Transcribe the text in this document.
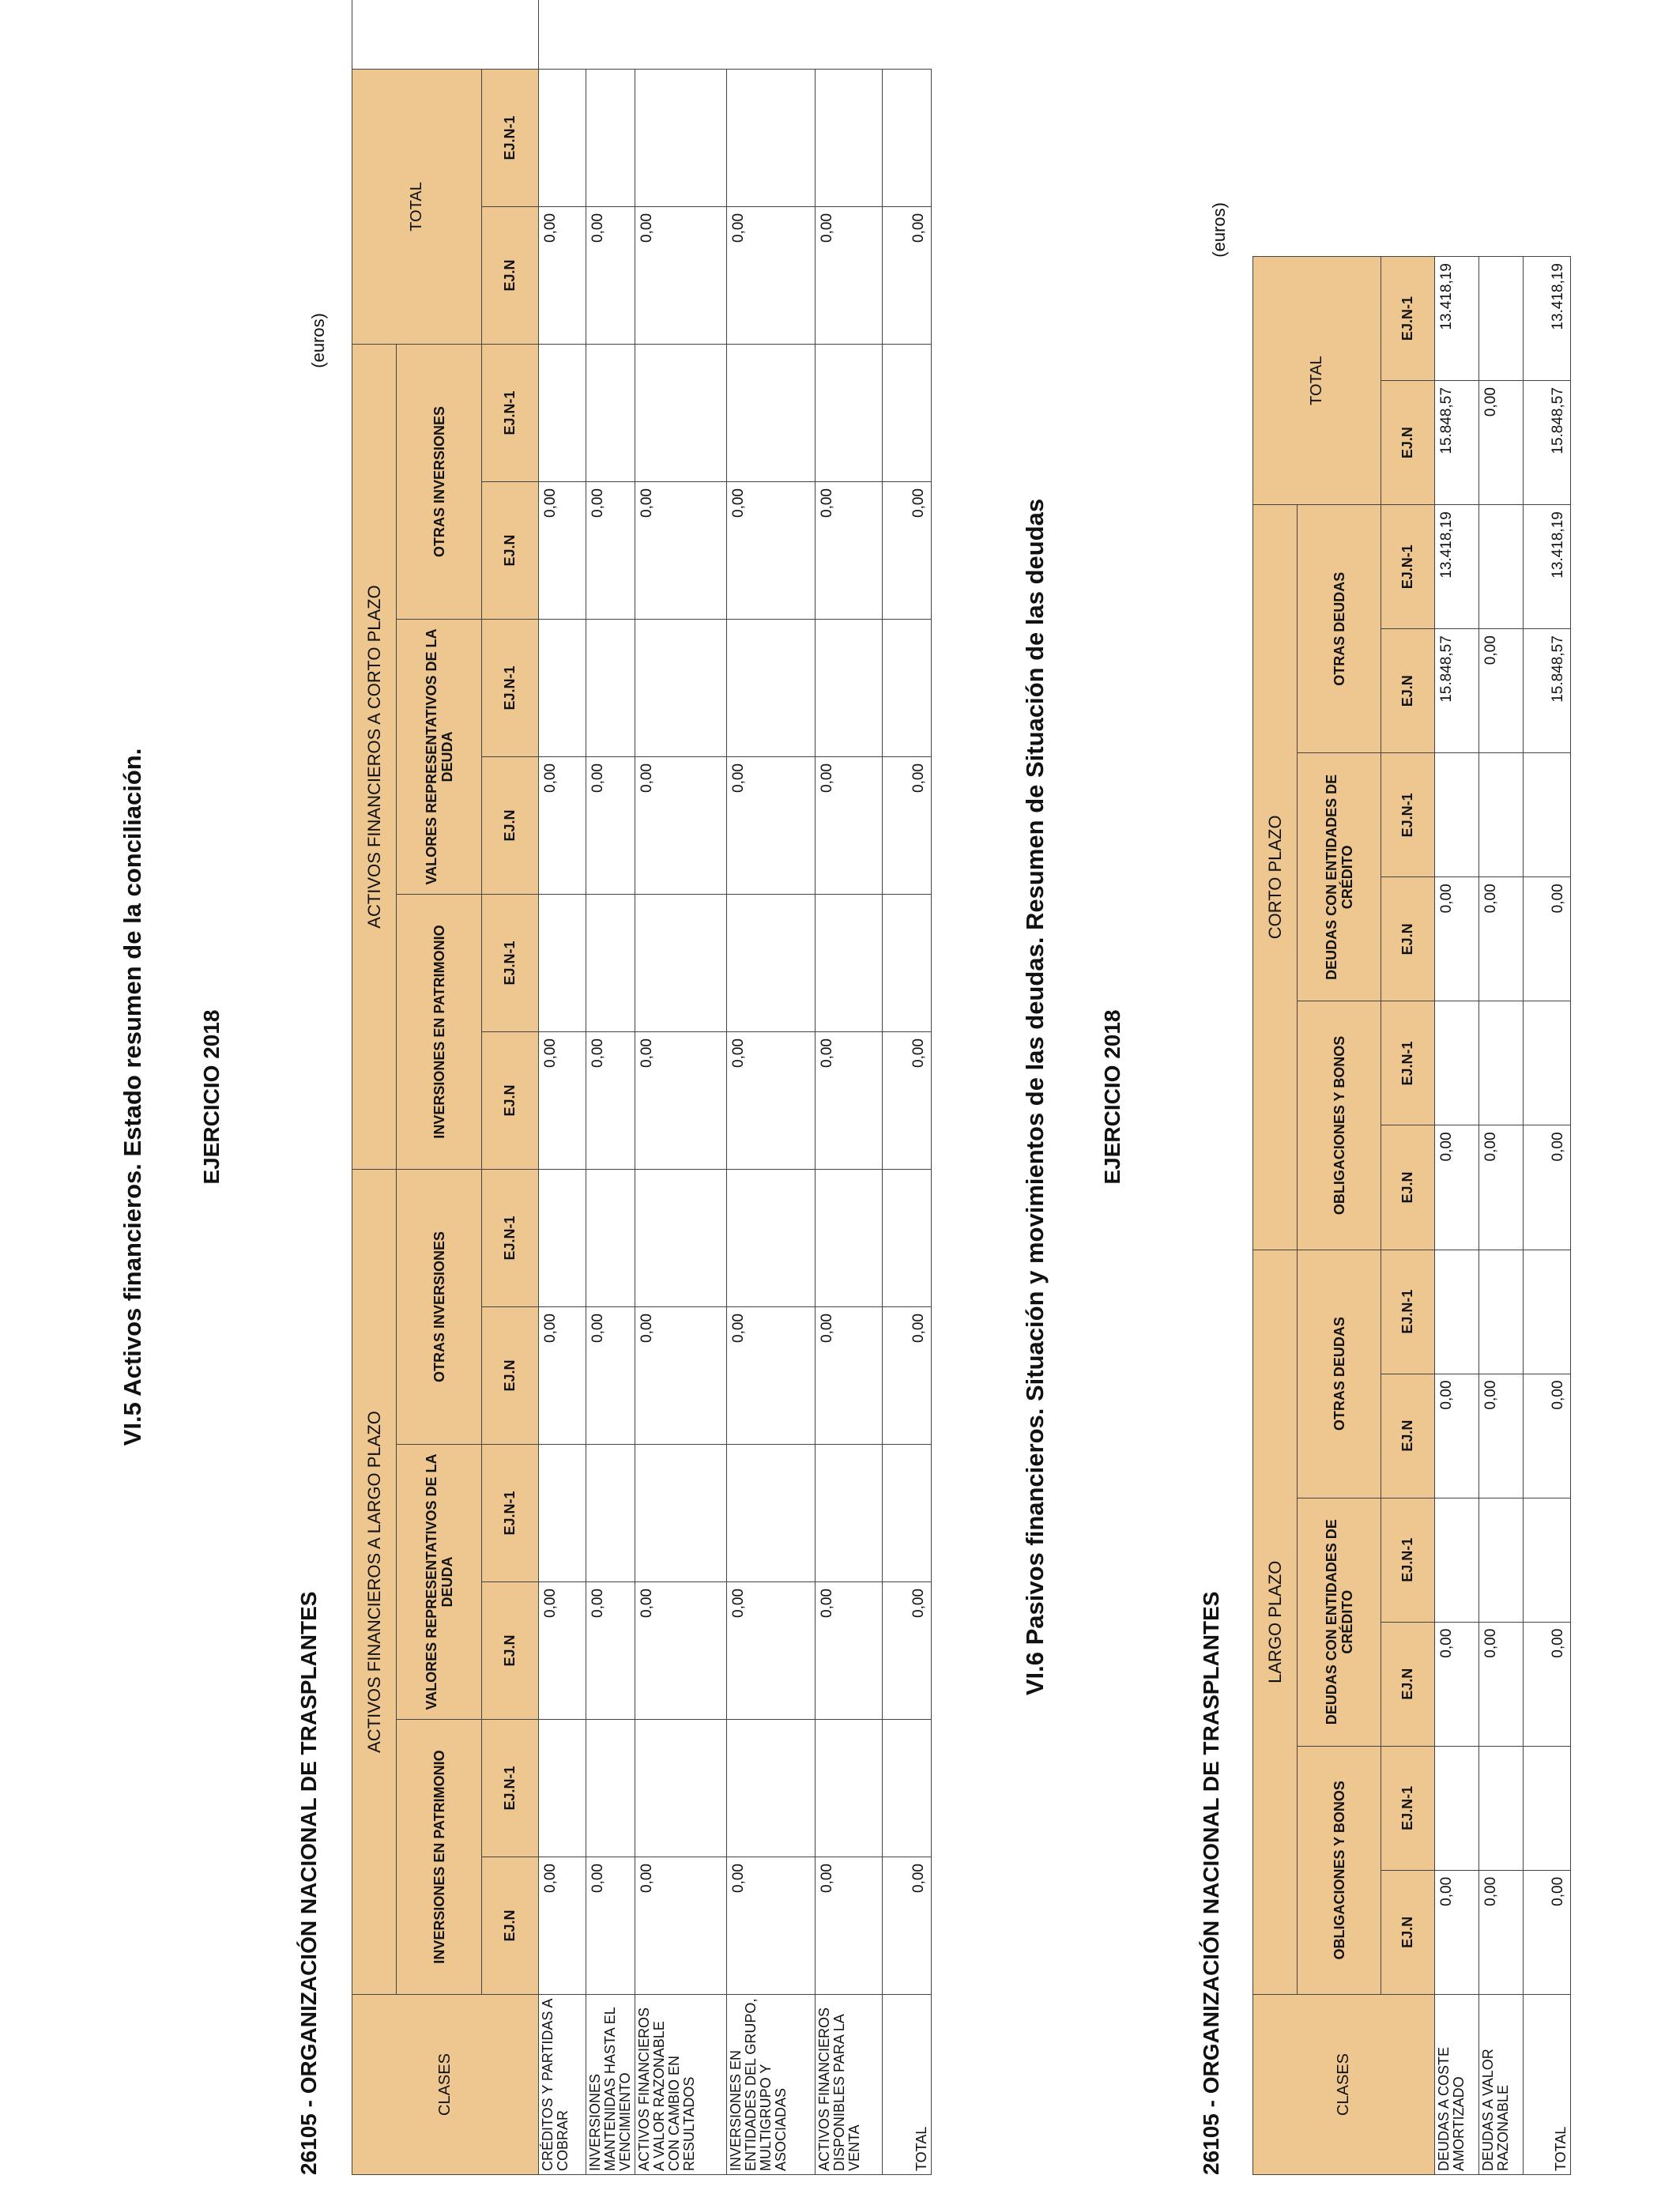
VI.5 Activos financieros. Estado resumen de la conciliación. EJERCICIO 2018
26105 - ORGANIZACIÓN NACIONAL DE TRASPLANTES
(euros)
CLASES	ACTIVOS FINANCIEROS A LARGO PLAZO						ACTIVOS FINANCIEROS A CORTO PLAZO						TOTAL		
	INVERSIONES EN PATRIMONIO		VALORES REPRESENTATIVOS DE LA DEUDA		OTRAS INVERSIONES		INVERSIONES EN PATRIMONIO		VALORES REPRESENTATIVOS DE LA DEUDA		OTRAS INVERSIONES				
	EJ.N	EJ.N-1	EJ.N	EJ.N-1	EJ.N	EJ.N-1	EJ.N	EJ.N-1	EJ.N	EJ.N-1	EJ.N	EJ.N-1	EJ.N	EJ.N-1	
CRÉDITOS Y PARTIDAS A COBRAR	0,00		0,00		0,00		0,00		0,00		0,00		0,00		
INVERSIONES MANTENIDAS HASTA EL VENCIMIENTO	0,00		0,00		0,00		0,00		0,00		0,00		0,00		
ACTIVOS FINANCIEROS A VALOR RAZONABLE CON CAMBIO EN RESULTADOS	0,00		0,00		0,00		0,00		0,00		0,00		0,00		
INVERSIONES EN ENTIDADES DEL GRUPO, MULTIGRUPO Y ASOCIADAS	0,00		0,00		0,00		0,00		0,00		0,00		0,00		
ACTIVOS FINANCIEROS DISPONIBLES PARA LA VENTA	0,00		0,00		0,00		0,00		0,00		0,00		0,00		
TOTAL	0,00		0,00		0,00		0,00		0,00		0,00		0,00		
VI.6 Pasivos financieros. Situación y movimientos de las deudas. Resumen de Situación de las deudas EJERCICIO 2018
26105 - ORGANIZACIÓN NACIONAL DE TRASPLANTES
(euros)
CLASES	LARGO PLAZO						CORTO PLAZO						TOTAL	
	OBLIGACIONES Y BONOS		DEUDAS CON ENTIDADES DE CRÉDITO		OTRAS DEUDAS		OBLIGACIONES Y BONOS		DEUDAS CON ENTIDADES DE CRÉDITO		OTRAS DEUDAS			
	EJ.N	EJ.N-1	EJ.N	EJ.N-1	EJ.N	EJ.N-1	EJ.N	EJ.N-1	EJ.N	EJ.N-1	EJ.N	EJ.N-1	EJ.N	EJ.N-1
DEUDAS A COSTE AMORTIZADO	0,00		0,00		0,00		0,00		0,00		15.848,57	13.418,19	15.848,57	13.418,19
DEUDAS A VALOR RAZONABLE	0,00		0,00		0,00		0,00		0,00		0,00		0,00	
TOTAL	0,00		0,00		0,00		0,00		0,00		15.848,57	13.418,19	15.848,57	13.418,19
